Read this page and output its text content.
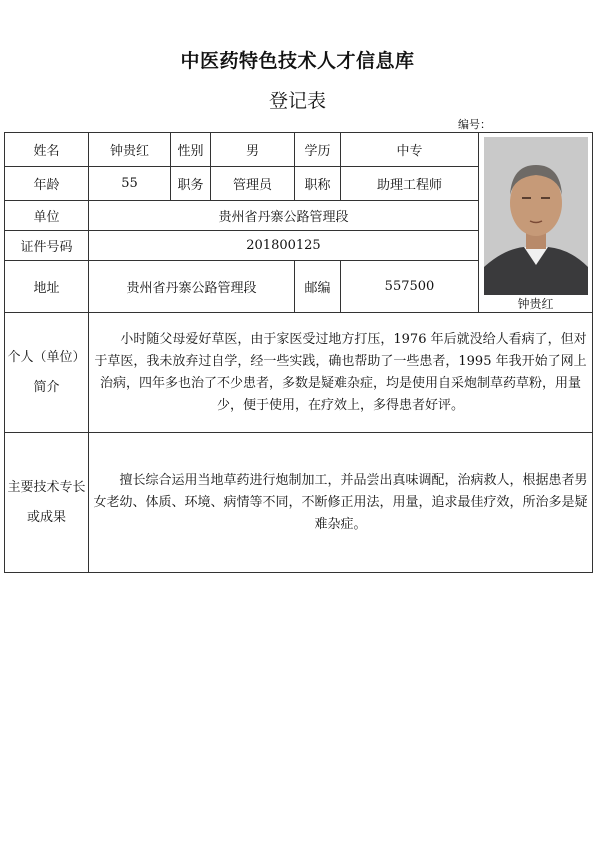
中医药特色技术人才信息库
登记表
编号：
姓名	钟贵红	性别	男	学历	中专	钟贵红

年龄	55	职务	管理员	职称	助理工程师	
单位	贵州省丹寨公路管理段					
证件号码	201800125					
地址	贵州省丹寨公路管理段			邮编	557500	
个人（单位）简介	小时随父母爱好草医，由于家医受过地方打压，1976 年后就没给人看病了，但对于草医，我未放弃过自学，经一些实践，确也帮助了一些患者，1995 年我开始了网上治病，四年多也治了不少患者，多数是疑难杂症，均是使用自采炮制草药草粉，用量少，便于使用，在疗效上，多得患者好评。					
主要技术专长或成果	擅长综合运用当地草药进行炮制加工，并品尝出真味调配，治病救人，根据患者男女老幼、体质、环境、病情等不同，不断修正用法，用量，追求最佳疗效，所治多是疑难杂症。					
